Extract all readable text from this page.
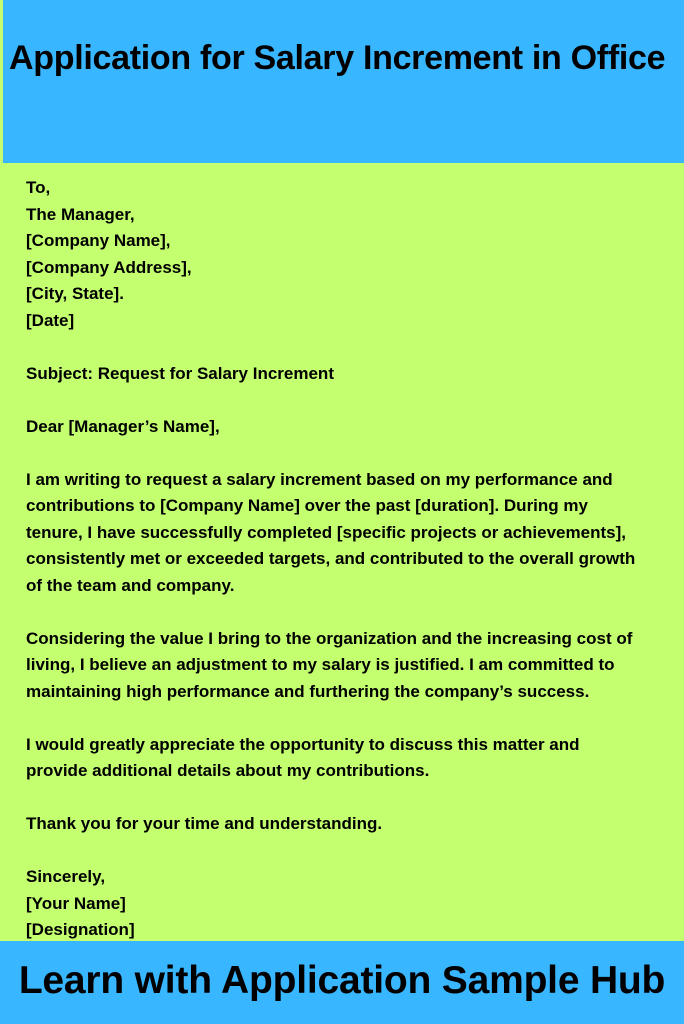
Application for Salary Increment in Office
To,
The Manager,
[Company Name],
[Company Address],
[City, State].
[Date]
Subject: Request for Salary Increment
Dear [Manager’s Name],

I am writing to request a salary increment based on my performance and
contributions to [Company Name] over the past [duration]. During my
tenure, I have successfully completed [specific projects or achievements],
consistently met or exceeded targets, and contributed to the overall growth
of the team and company.

Considering the value I bring to the organization and the increasing cost of
living, I believe an adjustment to my salary is justified. I am committed to
maintaining high performance and furthering the company’s success.

I would greatly appreciate the opportunity to discuss this matter and
provide additional details about my contributions.

Thank you for your time and understanding.
Sincerely,
[Your Name]
[Designation]
Learn with Application Sample Hub
